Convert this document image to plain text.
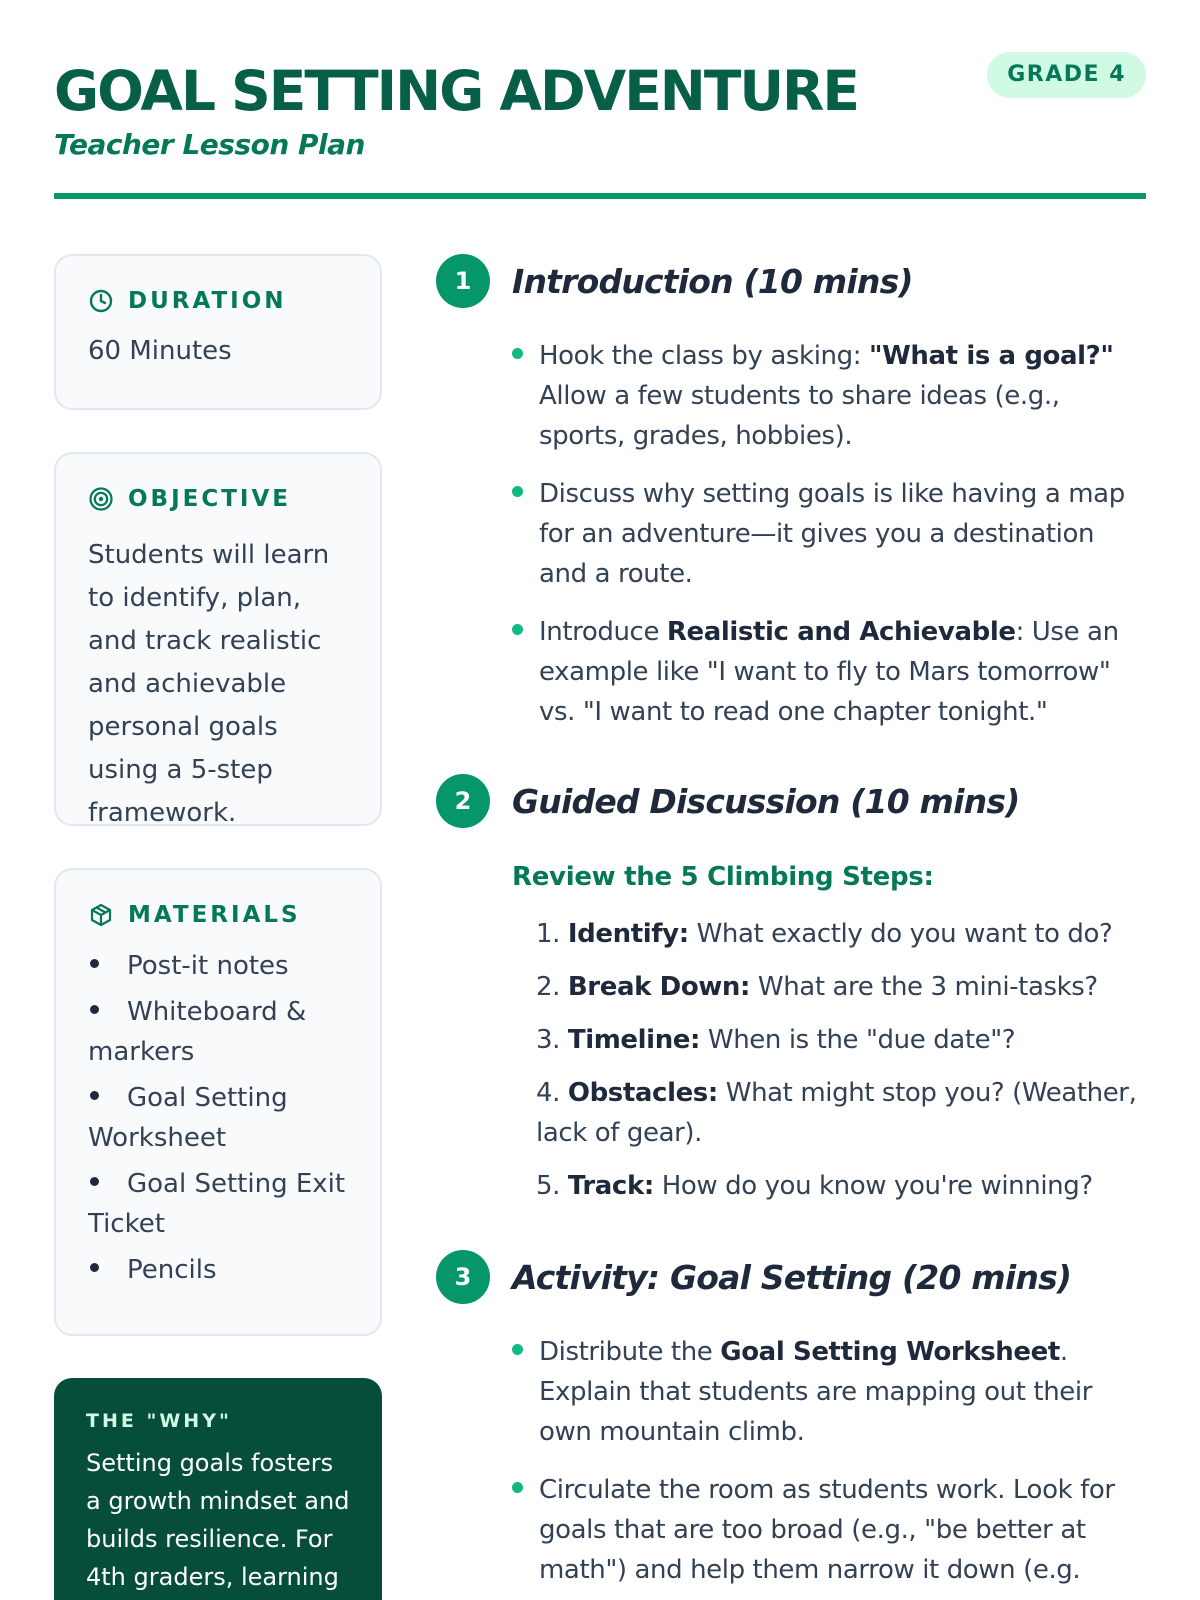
GOAL SETTING ADVENTURE
Teacher Lesson Plan
GRADE 4
DURATION
60 Minutes
OBJECTIVE
Students will learn to identify, plan, and track realistic and achievable personal goals using a 5-step framework.
MATERIALS
Post-it notes
Whiteboard & markers
Goal Setting Worksheet
Goal Setting Exit Ticket
Pencils
THE "WHY"
Setting goals fosters a growth mindset and builds resilience. For 4th graders, learning
1	Introduction (10 mins)
Hook the class by asking: "What is a goal?" Allow a few students to share ideas (e.g., sports, grades, hobbies).
Discuss why setting goals is like having a map for an adventure—it gives you a destination and a route.
Introduce Realistic and Achievable: Use an example like "I want to fly to Mars tomorrow" vs. "I want to read one chapter tonight."
2	Guided Discussion (10 mins)
Review the 5 Climbing Steps:
1. Identify: What exactly do you want to do?
2. Break Down: What are the 3 mini-tasks?
3. Timeline: When is the "due date"?
4. Obstacles: What might stop you? (Weather, lack of gear).
5. Track: How do you know you're winning?
3	Activity: Goal Setting (20 mins)
Distribute the Goal Setting Worksheet. Explain that students are mapping out their own mountain climb.
Circulate the room as students work. Look for goals that are too broad (e.g., "be better at math") and help them narrow it down (e.g.
